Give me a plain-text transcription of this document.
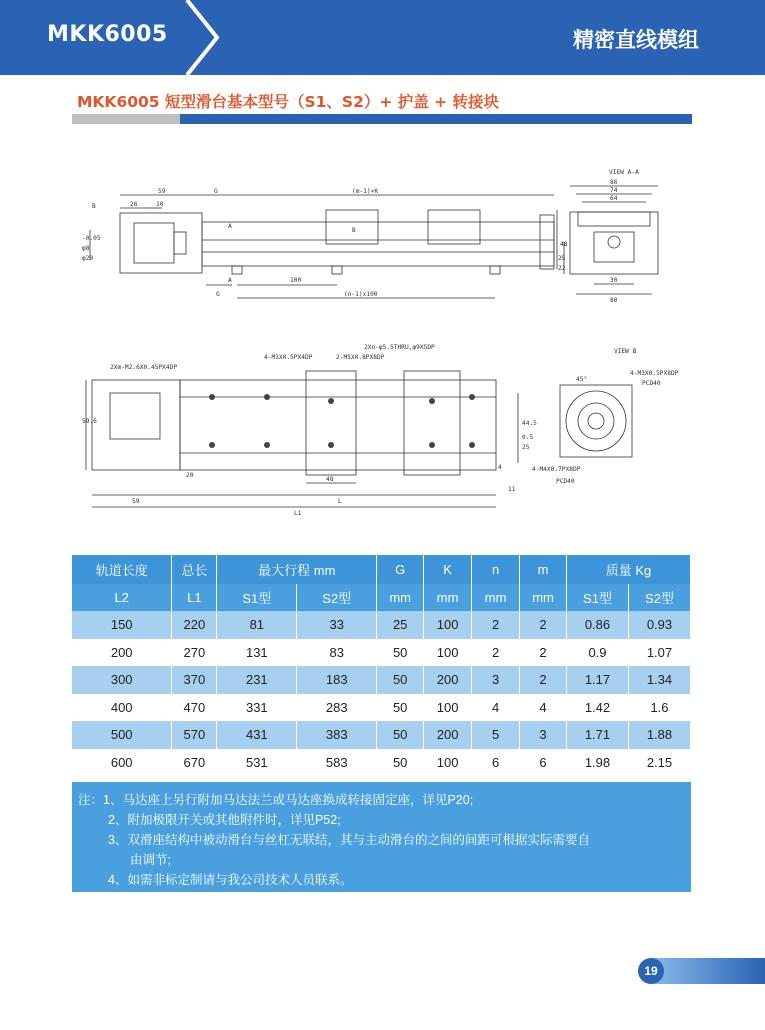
MKK6005	精密直线模组
MKK6005 短型滑台基本型号（S1、S2）+ 护盖 + 转接块
VIEW A-A
59	G	(m-1)×K
26	10
B
B
A
A	100
(n-1)x100
G
48
25
22
86
74
64
30
80
-0.05
φ8
φ20
VIEW B
2Xm-M2.6X0.45PX4DP
4-M3X0.5PX4DP	2-M5X0.8PX8DP
2Xn-φ5.5THRU,φ9X5DP
4-M3X0.5PX8DP
PCD40
4-M4X0.7PX8DP
PCD40
59	L
L1
20
48
11
4
59.6	44.5
0.5
25
45°
轨道长度	总长	最大行程 mm		G	K	n	m	质量 Kg	
L2	L1	S1型	S2型	mm	mm	mm	mm	S1型	S2型
150	220	81	33	25	100	2	2	0.86	0.93
200	270	131	83	50	100	2	2	0.9	1.07
300	370	231	183	50	200	3	2	1.17	1.34
400	470	331	283	50	100	4	4	1.42	1.6
500	570	431	383	50	200	5	3	1.71	1.88
600	670	531	583	50	100	6	6	1.98	2.15
注：1、马达座上另行附加马达法兰或马达座换成转接固定座，详见P20;
2、附加极限开关或其他附件时，详见P52;
3、双滑座结构中被动滑台与丝杠无联结，其与主动滑台的之间的间距可根据实际需要自
由调节;
4、如需非标定制请与我公司技术人员联系。
19
